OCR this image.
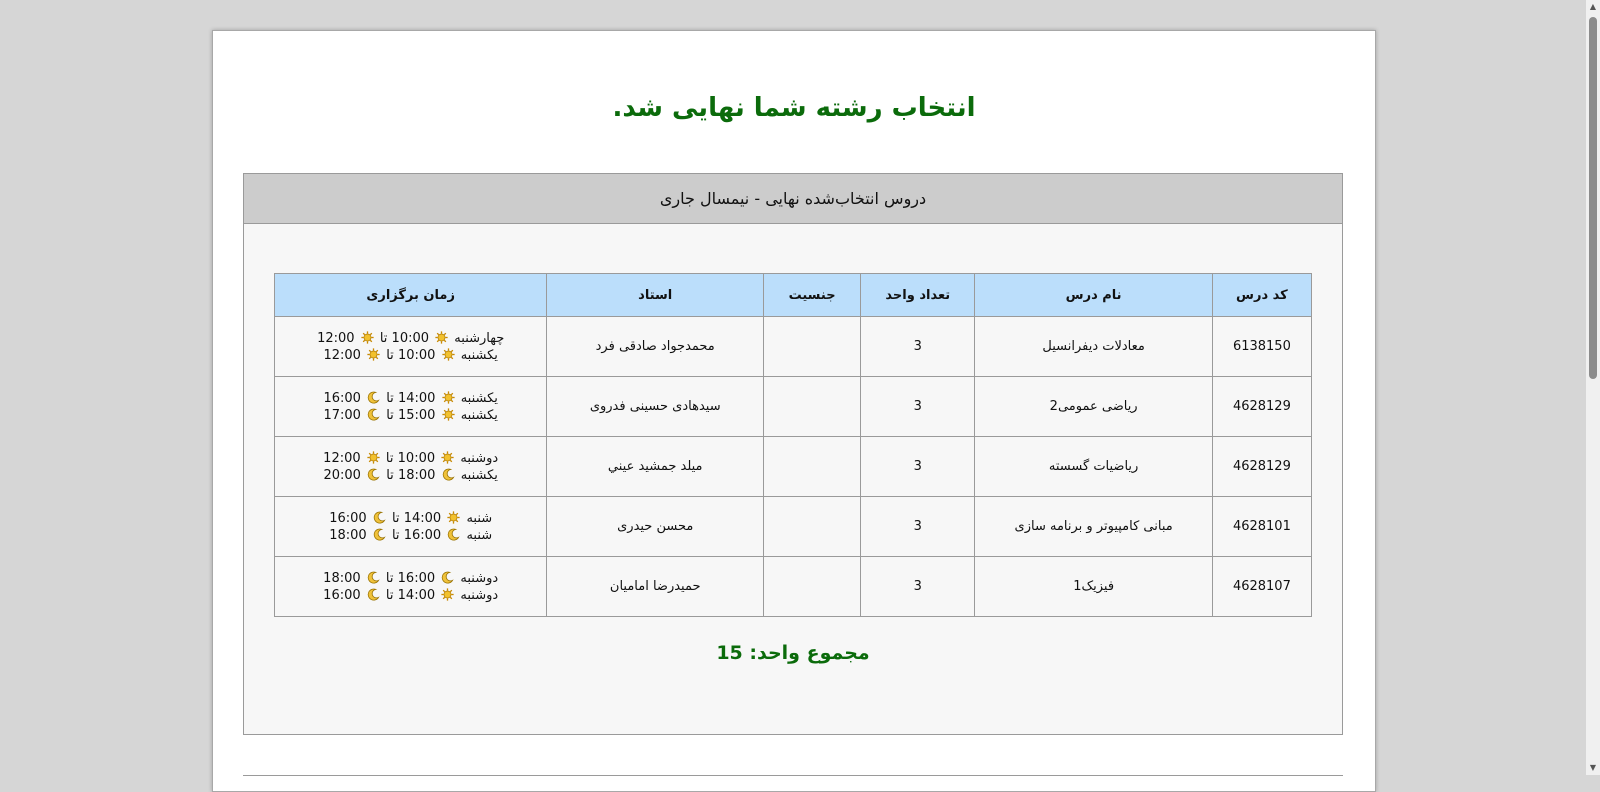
انتخاب رشته شما نهایی شد.
دروس انتخاب‌شده نهایی - نیمسال جاری
کد درس	نام درس	تعداد واحد	جنسیت	استاد	زمان برگزاری
6138150	معادلات دیفرانسیل	3		محمدجواد صادقی فرد	چهارشنبه  10:00 تا  12:00
یکشنبه  10:00 تا  12:00

4628129	ریاضی عمومی2	3		سیدهادی حسینی فدروی	یکشنبه  14:00 تا  16:00
یکشنبه  15:00 تا  17:00

4628129	ریاضیات گسسته	3		میلد جمشید عيني	دوشنبه  10:00 تا  12:00
یکشنبه  18:00 تا  20:00

4628101	مبانی کامپیوتر و برنامه سازی	3		محسن حیدری	شنبه  14:00 تا  16:00
شنبه  16:00 تا  18:00

4628107	فیزیک1	3		حمیدرضا امامیان	دوشنبه  16:00 تا  18:00
دوشنبه  14:00 تا  16:00
مجموع واحد: 15
▲
▼
